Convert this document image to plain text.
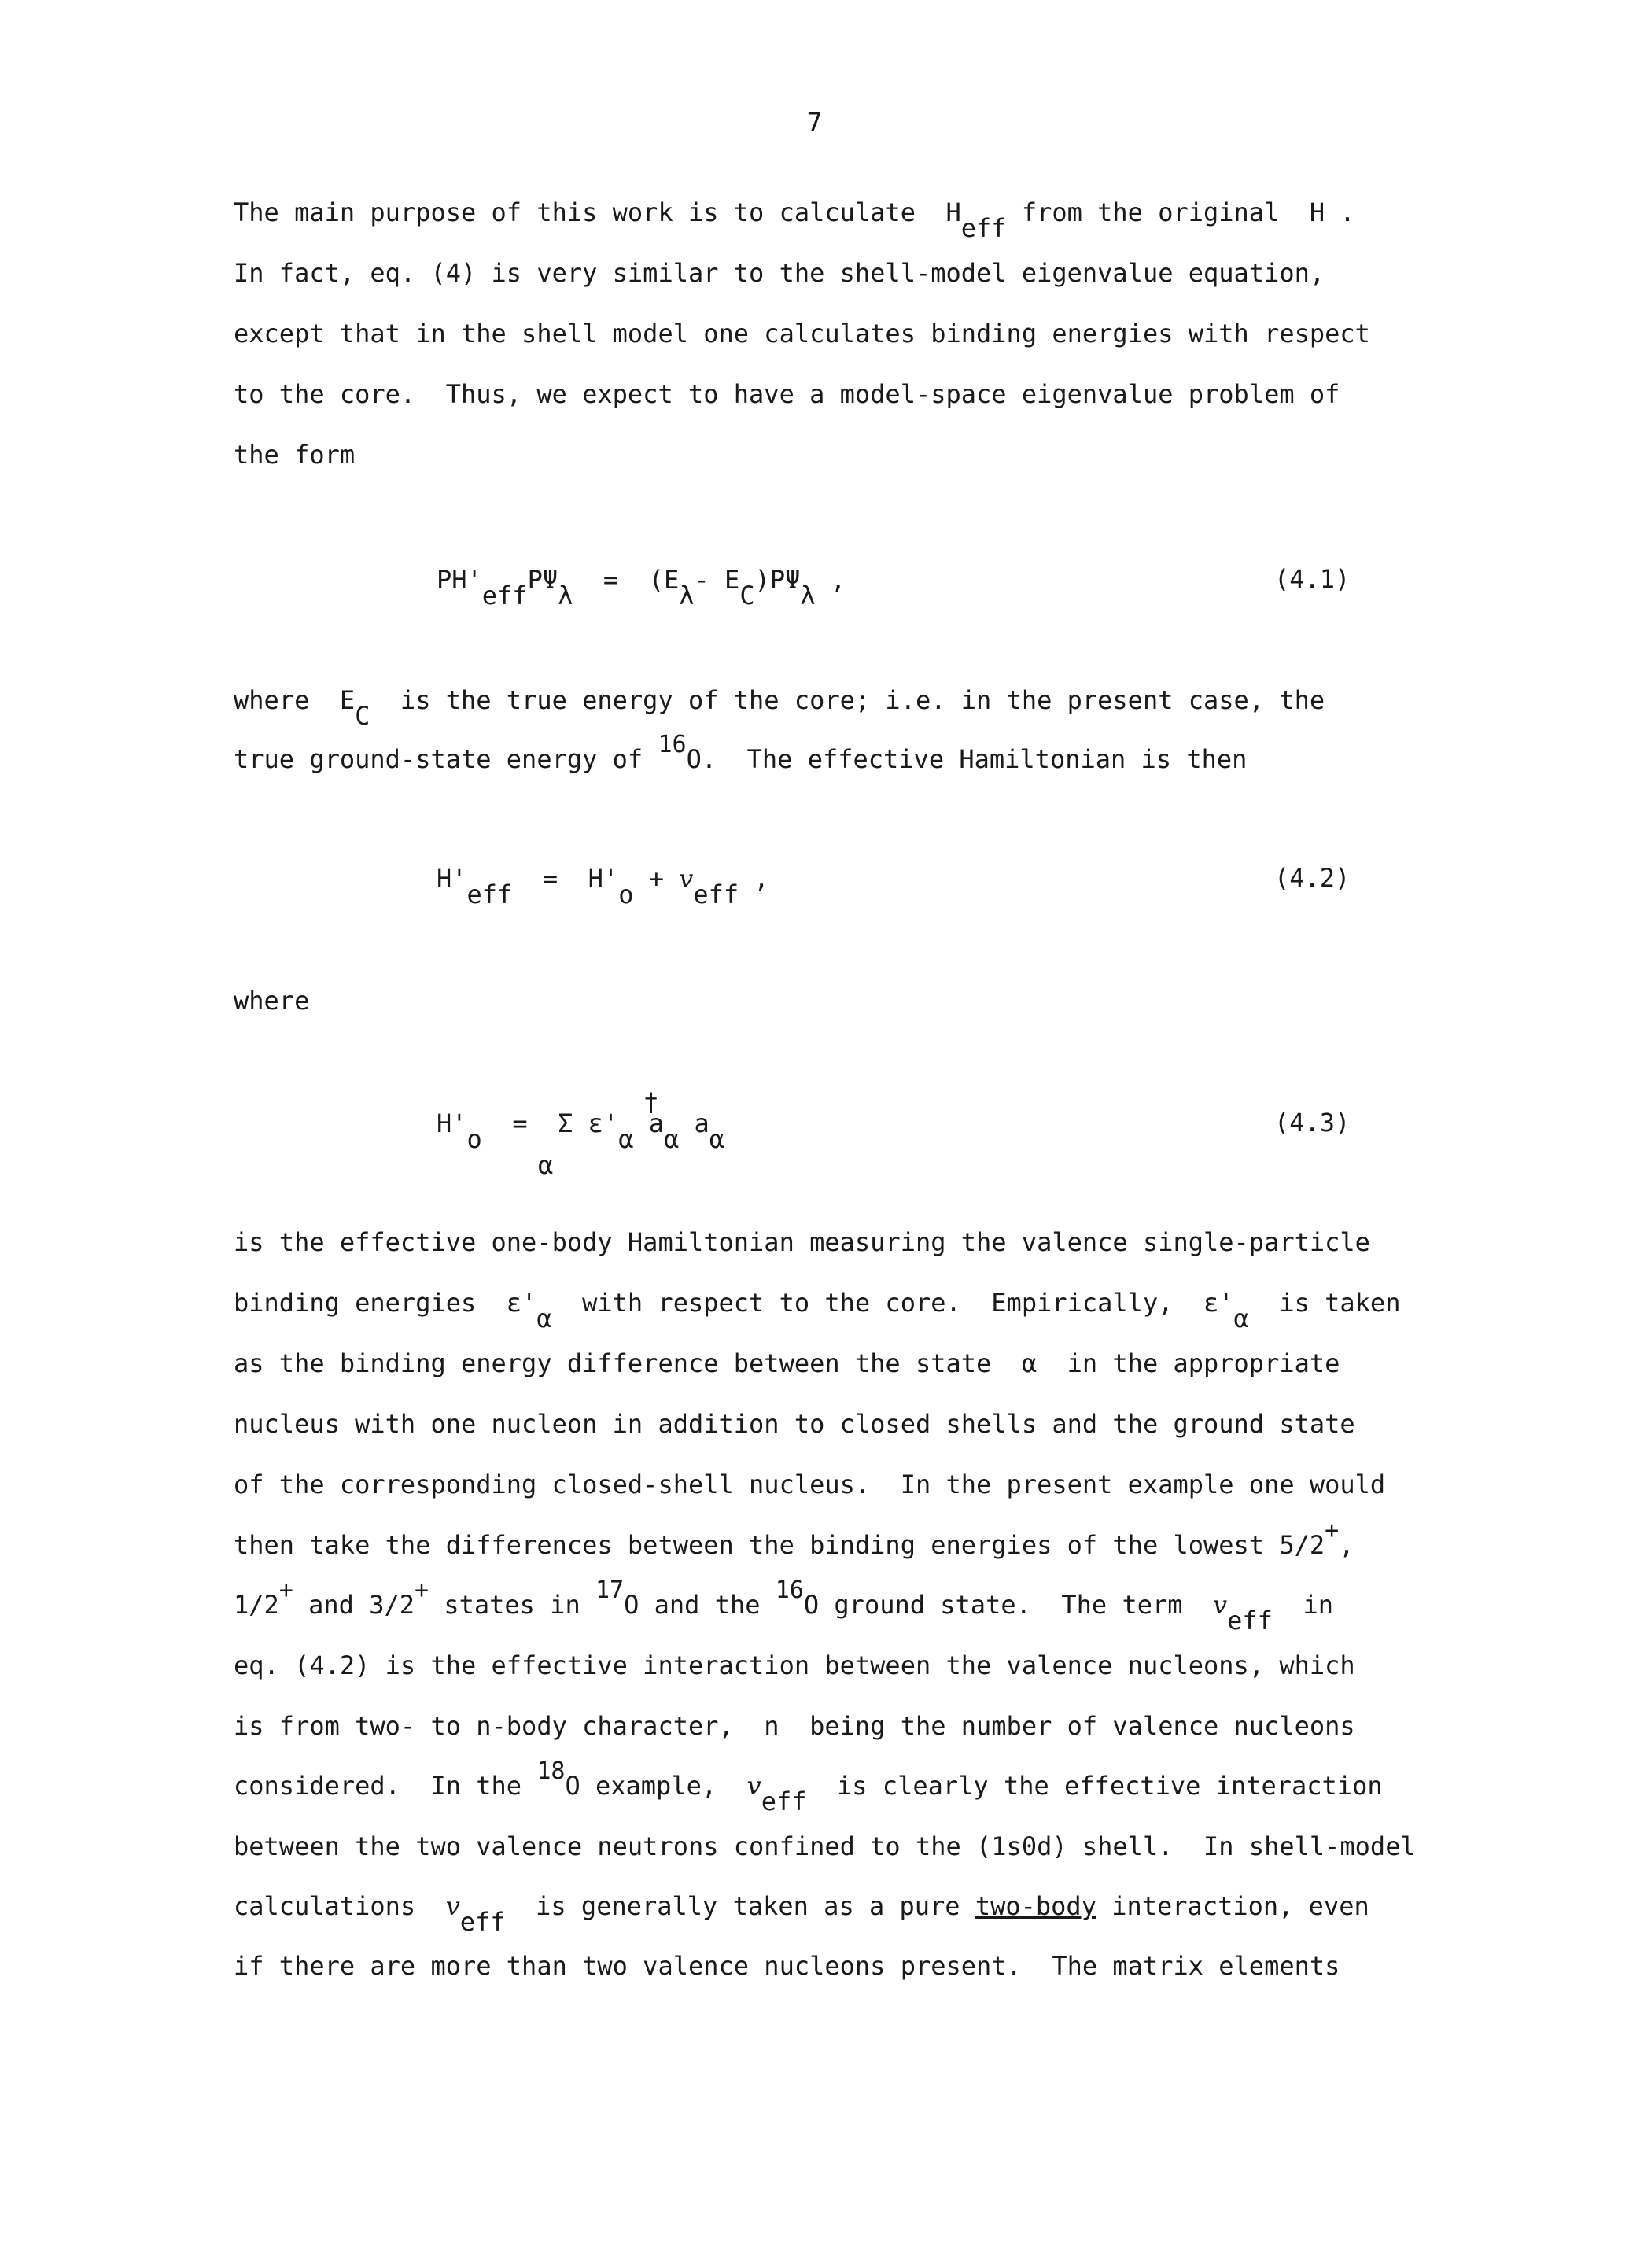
7
The main purpose of this work is to calculate  Heff from the original  H .
In fact, eq. (4) is very similar to the shell-model eigenvalue equation,
except that in the shell model one calculates binding energies with respect
to the core.  Thus, we expect to have a model-space eigenvalue problem of
the form
PH'effPΨλ  =  (Eλ- EC)PΨλ ,	(4.1)
where  EC  is the true energy of the core; i.e. in the present case, the
true ground-state energy of 16O.  The effective Hamiltonian is then
H'eff  =  H'o + veff ,	(4.2)
where
H'o  =  Σ ε'α aα aα
†
α
(4.3)
is the effective one-body Hamiltonian measuring the valence single-particle
binding energies  ε'α  with respect to the core.  Empirically,  ε'α  is taken
as the binding energy difference between the state  α  in the appropriate
nucleus with one nucleon in addition to closed shells and the ground state
of the corresponding closed-shell nucleus.  In the present example one would
then take the differences between the binding energies of the lowest 5/2+,
1/2+ and 3/2+ states in 17O and the 16O ground state.  The term  veff  in
eq. (4.2) is the effective interaction between the valence nucleons, which
is from two- to n-body character,  n  being the number of valence nucleons
considered.  In the 18O example,  veff  is clearly the effective interaction
between the two valence neutrons confined to the (1s0d) shell.  In shell-model
calculations  veff  is generally taken as a pure two-body interaction, even
if there are more than two valence nucleons present.  The matrix elements
